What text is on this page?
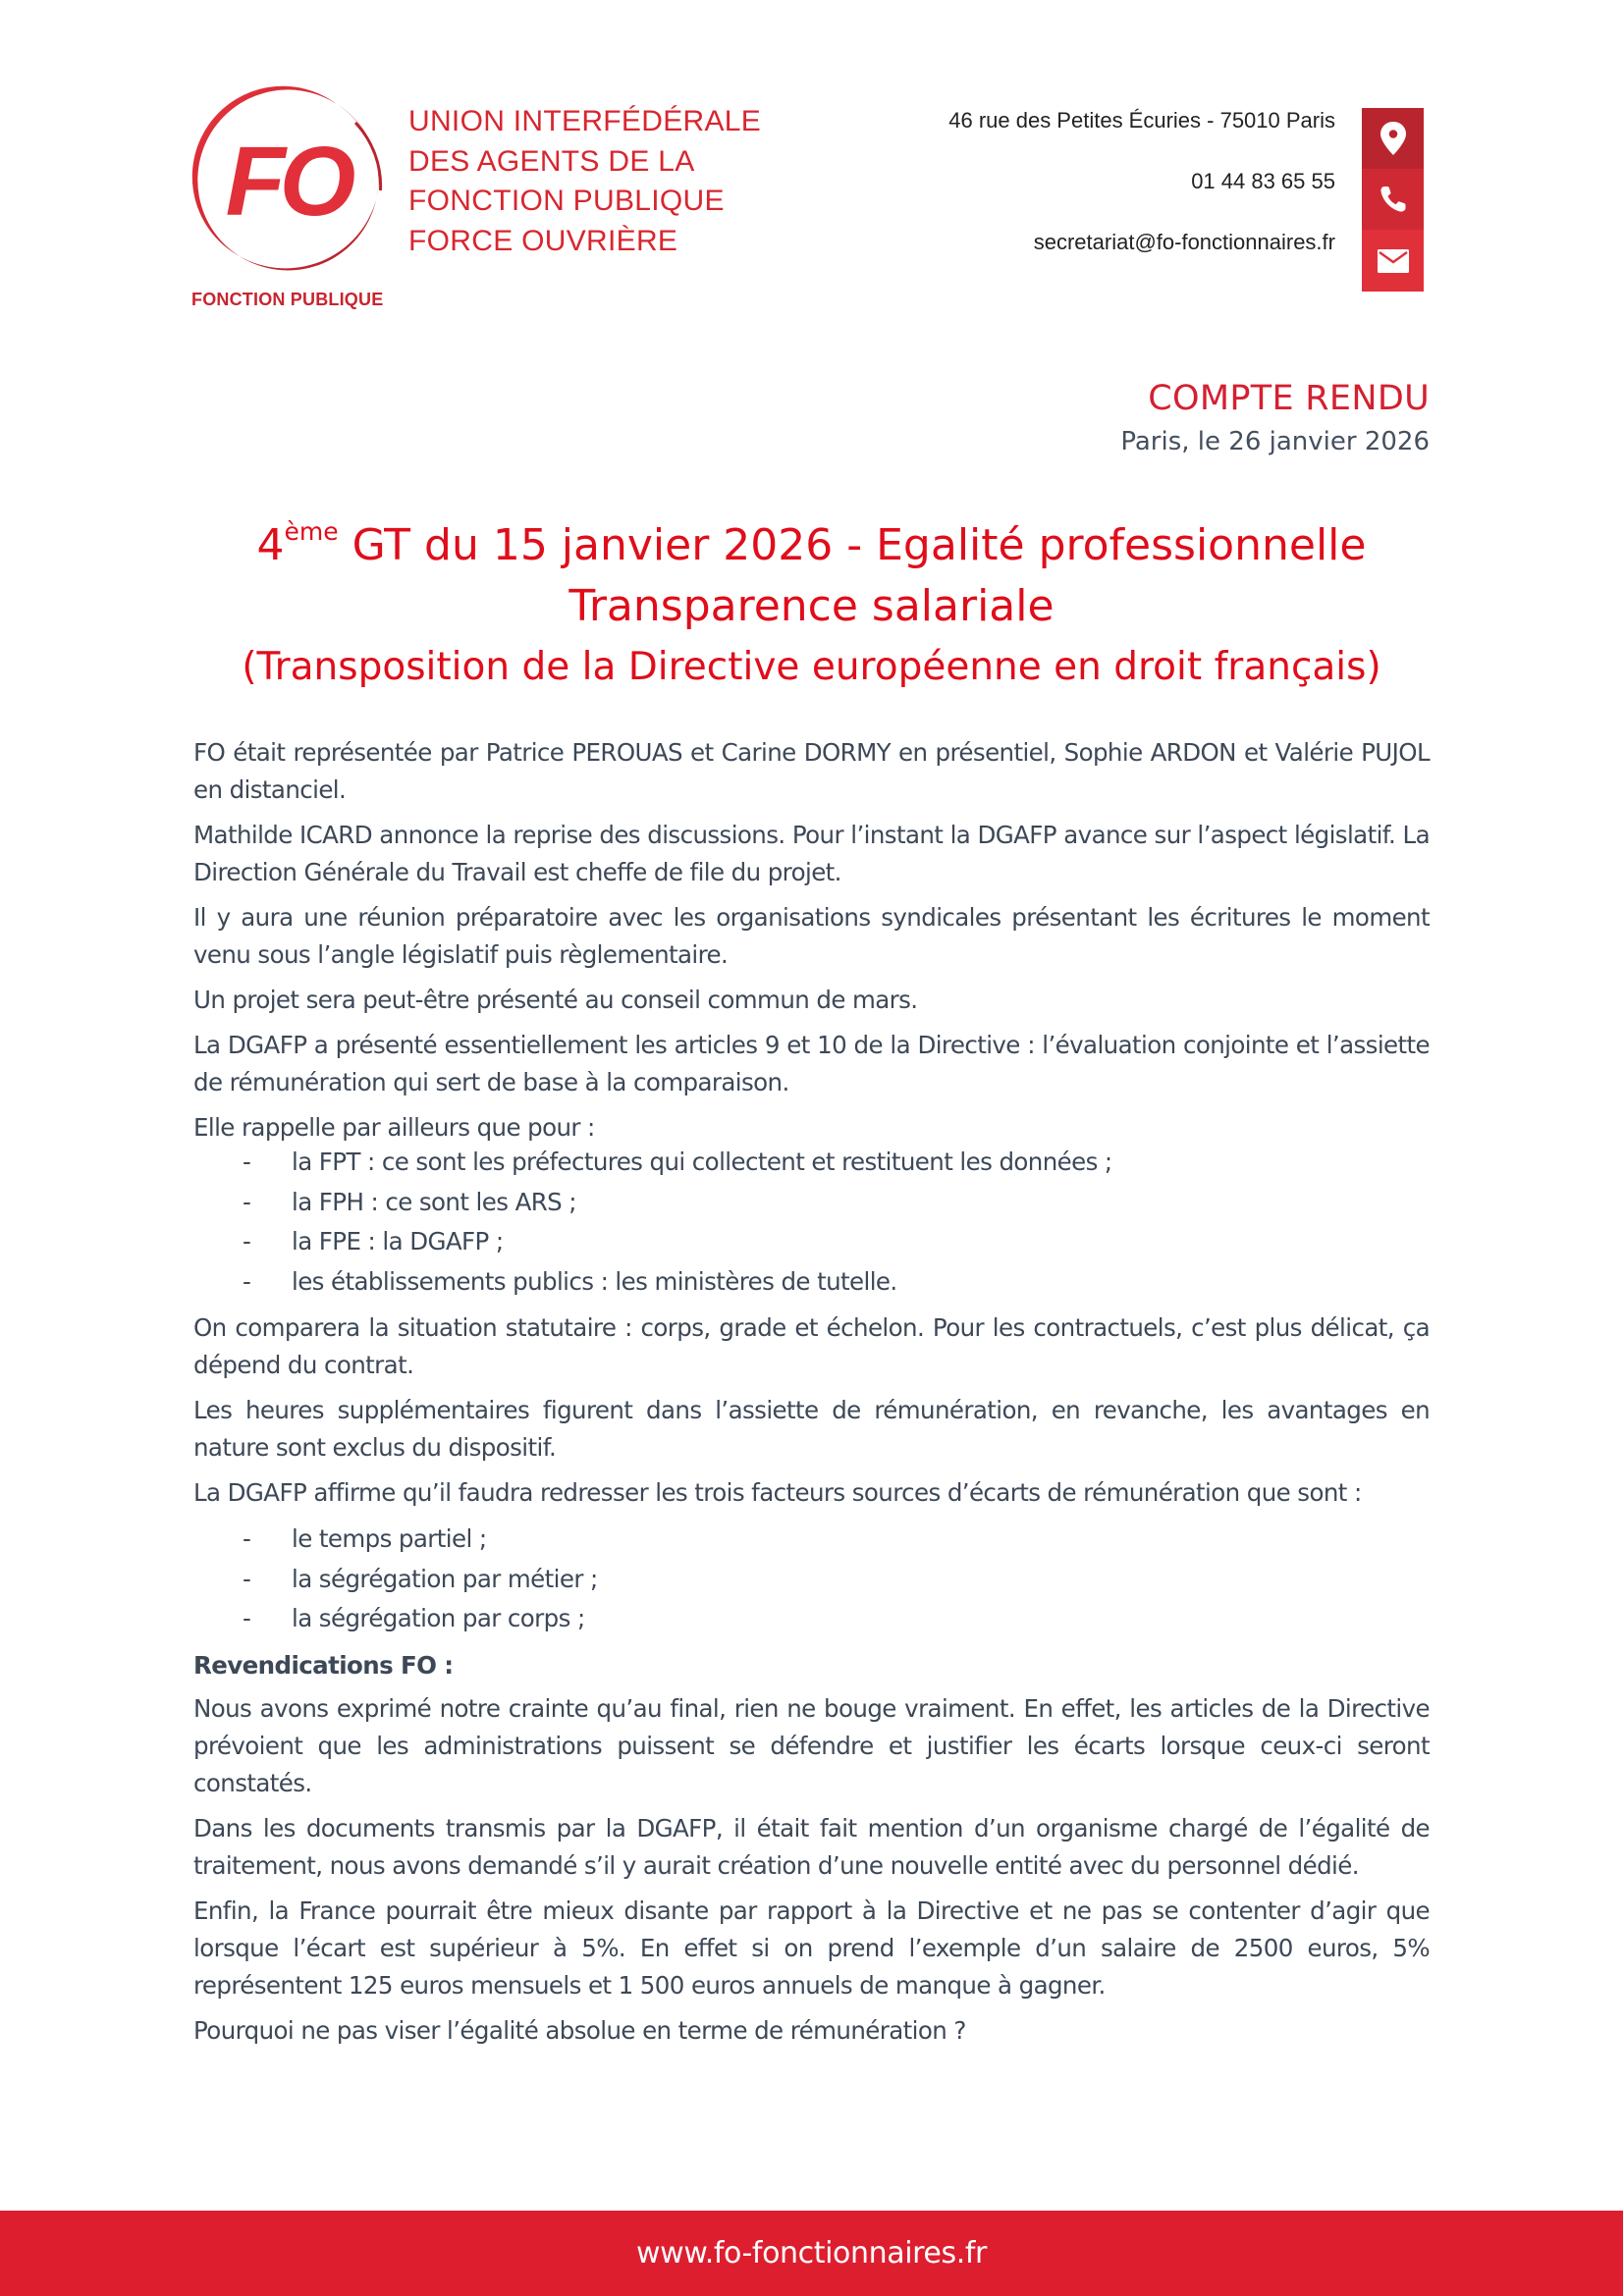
FO
FONCTION PUBLIQUE
UNION INTERFÉDÉRALE
DES AGENTS DE LA
FONCTION PUBLIQUE
FORCE OUVRIÈRE
46 rue des Petites Écuries - 75010 Paris
01 44 83 65 55
secretariat@fo-fonctionnaires.fr
COMPTE RENDU
Paris, le 26 janvier 2026
4ème GT du 15 janvier 2026 - Egalité professionnelle
Transparence salariale
(Transposition de la Directive européenne en droit français)

FO était représentée par Patrice PEROUAS et Carine DORMY en présentiel, Sophie ARDON et Valérie PUJOL en distanciel.

Mathilde ICARD annonce la reprise des discussions. Pour l’instant la DGAFP avance sur l’aspect législatif. La Direction Générale du Travail est cheffe de file du projet.

Il y aura une réunion préparatoire avec les organisations syndicales présentant les écritures le moment venu sous l’angle législatif puis règlementaire.

Un projet sera peut-être présenté au conseil commun de mars.

La DGAFP a présenté essentiellement les articles 9 et 10 de la Directive : l’évaluation conjointe et l’assiette de rémunération qui sert de base à la comparaison.

Elle rappelle par ailleurs que pour :

- la FPT : ce sont les préfectures qui collectent et restituent les données ;
- la FPH : ce sont les ARS ;
- la FPE : la DGAFP ;
- les établissements publics : les ministères de tutelle.

On comparera la situation statutaire : corps, grade et échelon. Pour les contractuels, c’est plus délicat, ça dépend du contrat.

Les heures supplémentaires figurent dans l’assiette de rémunération, en revanche, les avantages en nature sont exclus du dispositif.

La DGAFP affirme qu’il faudra redresser les trois facteurs sources d’écarts de rémunération que sont :

- le temps partiel ;
- la ségrégation par métier ;
- la ségrégation par corps ;

Revendications FO :

Nous avons exprimé notre crainte qu’au final, rien ne bouge vraiment. En effet, les articles de la Directive prévoient que les administrations puissent se défendre et justifier les écarts lorsque ceux-ci seront constatés.

Dans les documents transmis par la DGAFP, il était fait mention d’un organisme chargé de l’égalité de traitement, nous avons demandé s’il y aurait création d’une nouvelle entité avec du personnel dédié.

Enfin, la France pourrait être mieux disante par rapport à la Directive et ne pas se contenter d’agir que lorsque l’écart est supérieur à 5%. En effet si on prend l’exemple d’un salaire de 2500 euros, 5% représentent 125 euros mensuels et 1 500 euros annuels de manque à gagner.

Pourquoi ne pas viser l’égalité absolue en terme de rémunération ?

www.fo-fonctionnaires.fr
